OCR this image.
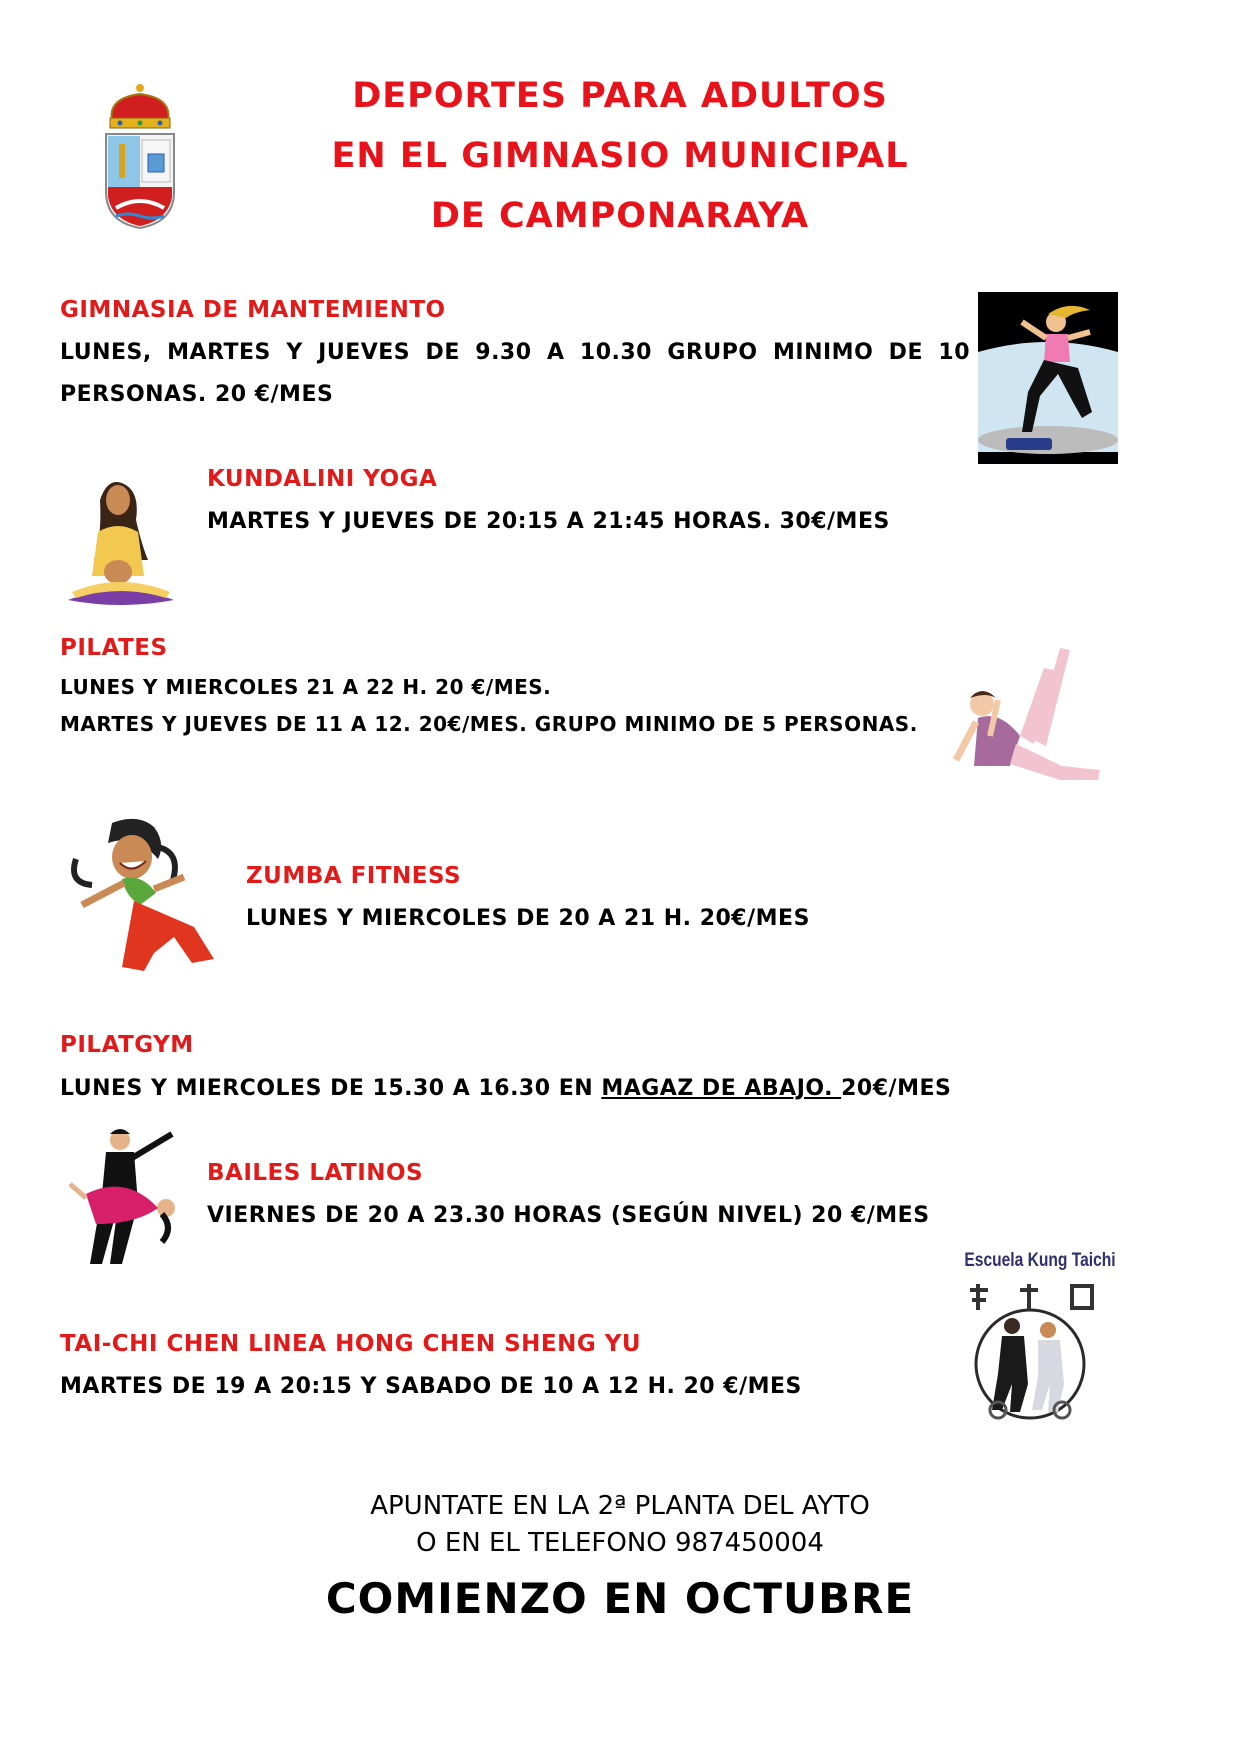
DEPORTES PARA ADULTOS
EN EL GIMNASIO MUNICIPAL
DE CAMPONARAYA
GIMNASIA DE MANTEMIENTO
LUNES, MARTES Y JUEVES DE 9.30 A 10.30 GRUPO MINIMO DE 10
PERSONAS. 20 €/MES
KUNDALINI YOGA
MARTES Y JUEVES DE 20:15 A 21:45 HORAS. 30€/MES
PILATES
LUNES Y MIERCOLES 21 A 22 H. 20 €/MES.
MARTES Y JUEVES DE 11 A 12. 20€/MES. GRUPO MINIMO DE 5 PERSONAS.
ZUMBA FITNESS
LUNES Y MIERCOLES DE 20 A 21 H. 20€/MES
PILATGYM
LUNES Y MIERCOLES DE 15.30 A 16.30 EN MAGAZ DE ABAJO. 20€/MES
BAILES LATINOS
VIERNES DE 20 A 23.30 HORAS (SEGÚN NIVEL) 20 €/MES
TAI-CHI CHEN LINEA HONG CHEN SHENG YU
MARTES DE 19 A 20:15 Y SABADO DE 10 A 12 H. 20 €/MES
Escuela Kung Taichi
APUNTATE EN LA 2ª PLANTA DEL AYTO
O EN EL TELEFONO 987450004
COMIENZO EN OCTUBRE
